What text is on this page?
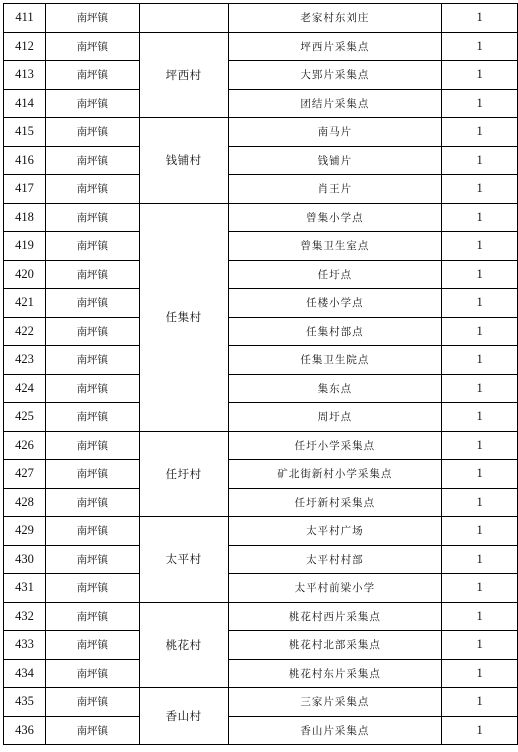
411	南坪镇		老家村东刘庄	1
412	南坪镇	坪西村	坪西片采集点	1
413	南坪镇		大郢片采集点	1
414	南坪镇		团结片采集点	1
415	南坪镇	钱铺村	南马片	1
416	南坪镇		钱铺片	1
417	南坪镇		肖王片	1
418	南坪镇	任集村	曾集小学点	1
419	南坪镇		曾集卫生室点	1
420	南坪镇		任圩点	1
421	南坪镇		任楼小学点	1
422	南坪镇		任集村部点	1
423	南坪镇		任集卫生院点	1
424	南坪镇		集东点	1
425	南坪镇		周圩点	1
426	南坪镇	任圩村	任圩小学采集点	1
427	南坪镇		矿北街新村小学采集点	1
428	南坪镇		任圩新村采集点	1
429	南坪镇	太平村	太平村广场	1
430	南坪镇		太平村村部	1
431	南坪镇		太平村前梁小学	1
432	南坪镇	桃花村	桃花村西片采集点	1
433	南坪镇		桃花村北部采集点	1
434	南坪镇		桃花村东片采集点	1
435	南坪镇	香山村	三家片采集点	1
436	南坪镇		香山片采集点	1
